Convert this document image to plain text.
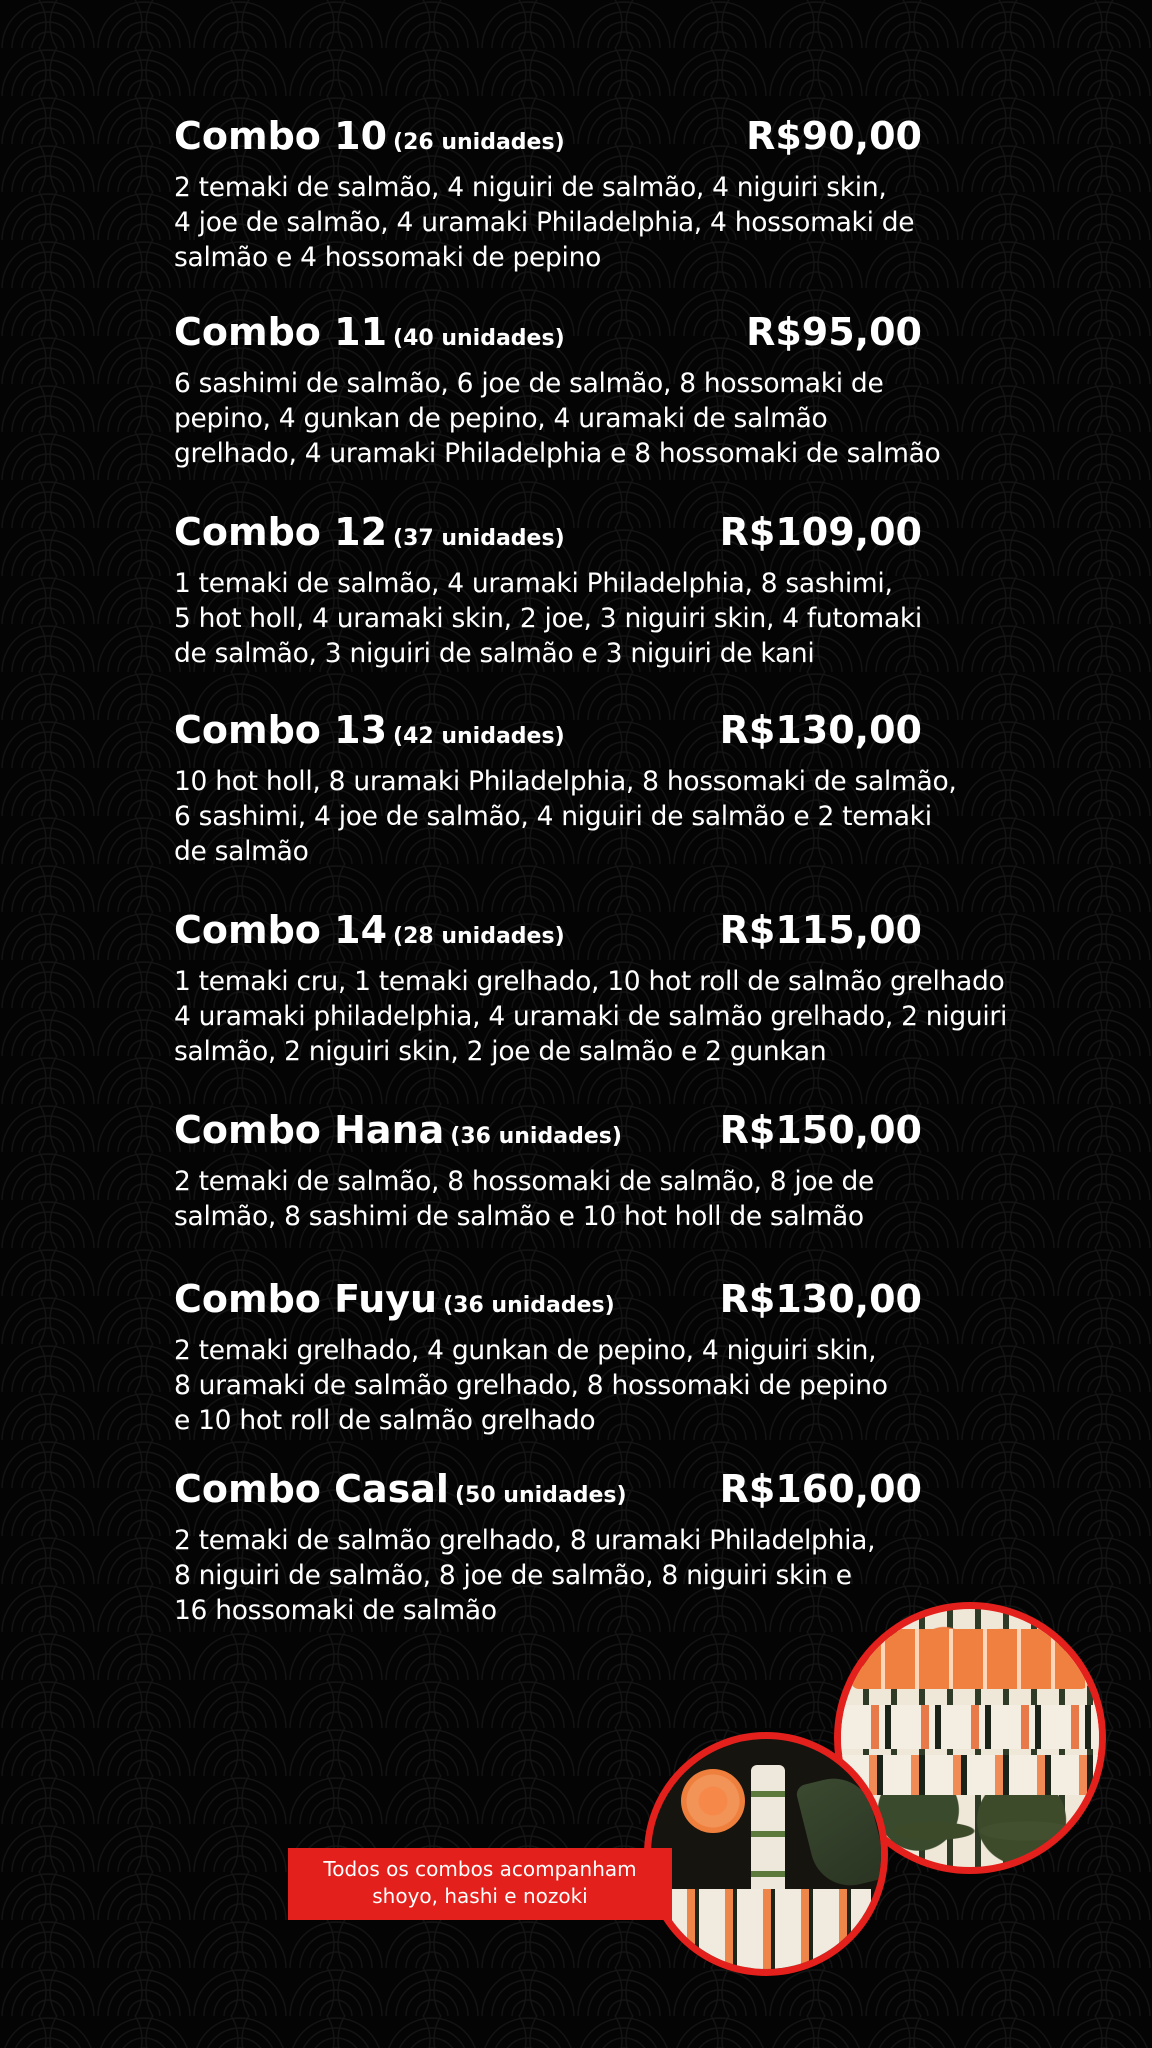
Combo 10 (26 unidades)	R$90,00
2 temaki de salmão, 4 niguiri de salmão, 4 niguiri skin,
4 joe de salmão, 4 uramaki Philadelphia, 4 hossomaki de
salmão e 4 hossomaki de pepino
Combo 11 (40 unidades)	R$95,00
6 sashimi de salmão, 6 joe de salmão, 8 hossomaki de
pepino, 4 gunkan de pepino, 4 uramaki de salmão
grelhado, 4 uramaki Philadelphia e 8 hossomaki de salmão
Combo 12 (37 unidades)	R$109,00
1 temaki de salmão, 4 uramaki Philadelphia, 8 sashimi,
5 hot holl, 4 uramaki skin, 2 joe, 3 niguiri skin, 4 futomaki
de salmão, 3 niguiri de salmão e 3 niguiri de kani
Combo 13 (42 unidades)	R$130,00
10 hot holl, 8 uramaki Philadelphia, 8 hossomaki de salmão,
6 sashimi, 4 joe de salmão, 4 niguiri de salmão e 2 temaki
de salmão
Combo 14 (28 unidades)	R$115,00
1 temaki cru, 1 temaki grelhado, 10 hot roll de salmão grelhado
4 uramaki philadelphia, 4 uramaki de salmão grelhado, 2 niguiri
salmão, 2 niguiri skin, 2 joe de salmão e 2 gunkan
Combo Hana (36 unidades)	R$150,00
2 temaki de salmão, 8 hossomaki de salmão, 8 joe de
salmão, 8 sashimi de salmão e 10 hot holl de salmão
Combo Fuyu (36 unidades)	R$130,00
2 temaki grelhado, 4 gunkan de pepino, 4 niguiri skin,
8 uramaki de salmão grelhado, 8 hossomaki de pepino
e 10 hot roll de salmão grelhado
Combo Casal (50 unidades) R$160,00
2 temaki de salmão grelhado, 8 uramaki Philadelphia,
8 niguiri de salmão, 8 joe de salmão, 8 niguiri skin e
16 hossomaki de salmão
Todos os combos acompanham
shoyo, hashi e nozoki
